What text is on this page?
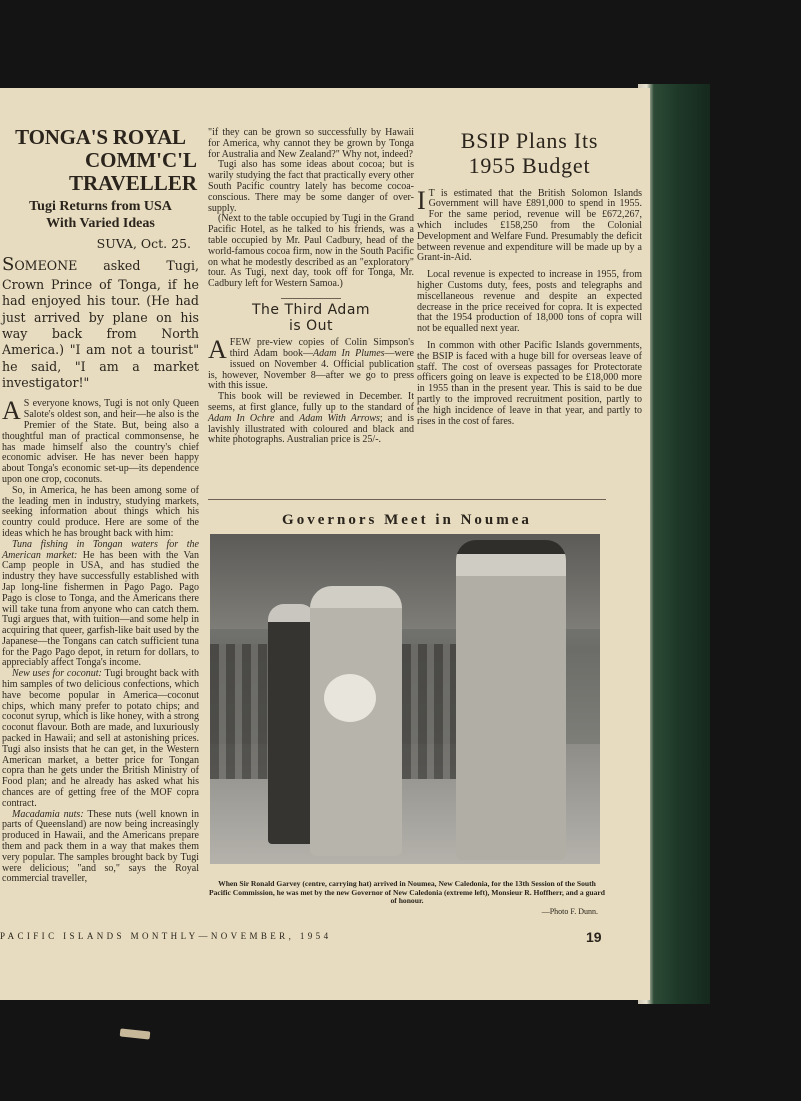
TONGA'S ROYAL
COMM'C'L TRAVELLER
Tugi Returns from USA
With Varied Ideas
SUVA, Oct. 25.
SOMEONE asked Tugi, Crown Prince of Tonga, if he had enjoyed his tour. (He had just arrived by plane on his way back from North America.) "I am not a tourist" he said, "I am a market investigator!"

A S everyone knows, Tugi is not only Queen Salote's oldest son, and heir—he also is the Premier of the State. But, being also a thoughtful man of practical commonsense, he has made himself also the country's chief economic adviser. He has never been happy about Tonga's economic set-up—its dependence upon one crop, coconuts.

So, in America, he has been among some of the leading men in industry, studying markets, seeking information about things which his country could produce. Here are some of the ideas which he has brought back with him:

Tuna fishing in Tongan waters for the American market: He has been with the Van Camp people in USA, and has studied the industry they have successfully established with Jap long-line fishermen in Pago Pago. Pago Pago is close to Tonga, and the Americans there will take tuna from anyone who can catch them. Tugi argues that, with tuition—and some help in acquiring that queer, garfish-like bait used by the Japanese—the Tongans can catch sufficient tuna for the Pago Pago depot, in return for dollars, to appreciably affect Tonga's income.

New uses for coconut: Tugi brought back with him samples of two delicious confections, which have become popular in America—coconut chips, which many prefer to potato chips; and coconut syrup, which is like honey, with a strong coconut flavour. Both are made, and luxuriously packed in Hawaii; and sell at astonishing prices. Tugi also insists that he can get, in the Western American market, a better price for Tongan copra than he gets under the British Ministry of Food plan; and he already has asked what his chances are of getting free of the MOF copra contract.

Macadamia nuts: These nuts (well known in parts of Queensland) are now being increasingly produced in Hawaii, and the Americans prepare them and pack them in a way that makes them very popular. The samples brought back by Tugi were delicious; "and so," says the Royal commercial traveller,

"if they can be grown so successfully by Hawaii for America, why cannot they be grown by Tonga for Australia and New Zealand?" Why not, indeed?

Tugi also has some ideas about cocoa; but is warily studying the fact that practically every other South Pacific country lately has become cocoa-conscious. There may be some danger of over-supply.

(Next to the table occupied by Tugi in the Grand Pacific Hotel, as he talked to his friends, was a table occupied by Mr. Paul Cadbury, head of the world-famous cocoa firm, now in the South Pacific on what he modestly described as an "exploratory" tour. As Tugi, next day, took off for Tonga, Mr. Cadbury left for Western Samoa.)

The Third Adam
is Out

A FEW pre-view copies of Colin Simpson's third Adam book—Adam In Plumes—were issued on November 4. Official publication is, however, November 8—after we go to press with this issue.

This book will be reviewed in December. It seems, at first glance, fully up to the standard of Adam In Ochre and Adam With Arrows; and is lavishly illustrated with coloured and black and white photographs. Australian price is 25/-.

BSIP Plans Its
1955 Budget

I T is estimated that the British Solomon Islands Government will have £891,000 to spend in 1955. For the same period, revenue will be £672,267, which includes £158,250 from the Colonial Development and Welfare Fund. Presumably the deficit between revenue and expenditure will be made up by a Grant-in-Aid.

Local revenue is expected to increase in 1955, from higher Customs duty, fees, posts and telegraphs and miscellaneous revenue and despite an expected decrease in the price received for copra. It is expected that the 1954 production of 18,000 tons of copra will not be equalled next year.

In common with other Pacific Islands governments, the BSIP is faced with a huge bill for overseas leave of staff. The cost of overseas passages for Protectorate officers going on leave is expected to be £18,000 more in 1955 than in the present year. This is said to be due partly to the improved recruitment position, partly to the high incidence of leave in that year, and partly to rises in the cost of fares.

Governors Meet in Noumea
When Sir Ronald Garvey (centre, carrying hat) arrived in Noumea, New Caledonia, for the 13th Session of the South Pacific Commission, he was met by the new Governor of New Caledonia (extreme left), Monsieur R. Hoffherr, and a guard of honour.
—Photo F. Dunn.
PACIFIC ISLANDS MONTHLY—NOVEMBER, 1954	19
